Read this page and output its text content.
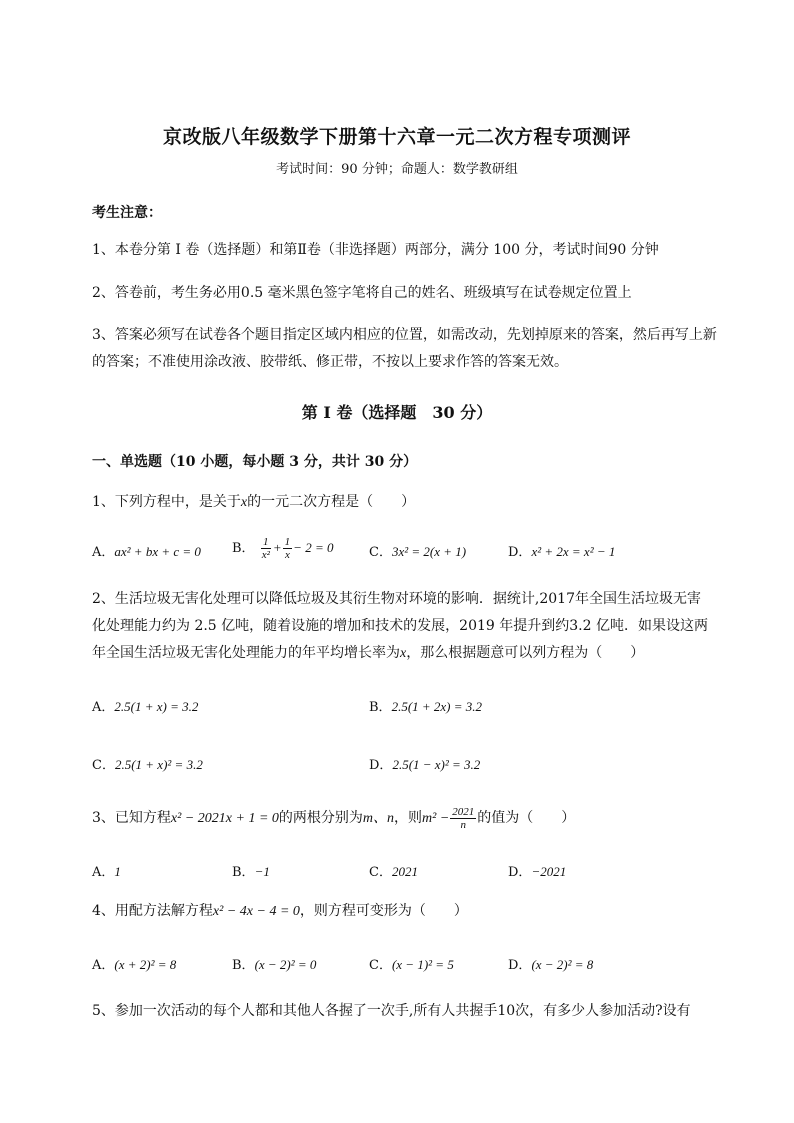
京改版八年级数学下册第十六章一元二次方程专项测评
考试时间：90 分钟；命题人：数学教研组
考生注意：
1、本卷分第 I 卷（选择题）和第Ⅱ卷（非选择题）两部分，满分 100 分，考试时间90 分钟
2、答卷前，考生务必用0.5 毫米黑色签字笔将自己的姓名、班级填写在试卷规定位置上
3、答案必须写在试卷各个题目指定区域内相应的位置，如需改动，先划掉原来的答案，然后再写上新
的答案；不准使用涂改液、胶带纸、修正带，不按以上要求作答的答案无效。
第 I 卷（选择题　30 分）
一、单选题（10 小题，每小题 3 分，共计 30 分）
1、下列方程中，是关于x的一元二次方程是（　　）
A．ax² + bx + c = 0 B． $\frac{1}{\text{x²}} + \frac{1}{x} - 2 = 0$	C．3x² = 2(x + 1)	D．x² + 2x = x² − 1
2、生活垃圾无害化处理可以降低垃圾及其衍生物对环境的影响．据统计,2017年全国生活垃圾无害
化处理能力约为 2.5 亿吨，随着设施的增加和技术的发展，2019 年提升到约3.2 亿吨．如果设这两
年全国生活垃圾无害化处理能力的年平均增长率为x，那么根据题意可以列方程为（　　）
A．2.5(1 + x) = 3.2	B．2.5(1 + 2x) = 3.2
C．2.5(1 + x)² = 3.2	D．2.5(1 − x)² = 3.2
3、已知方程x² − 2021x + 1 = 0的两根分别为m、n，则$m^2 - \frac{2021}{n}$ 的值为（　　）
A．1	B．−1	C．2021	D．−2021
4、用配方法解方程x² − 4x − 4 = 0，则方程可变形为（　　）
A．(x + 2)² = 8	B．(x − 2)² = 0	C．(x − 1)² = 5	D．(x − 2)² = 8
5、参加一次活动的每个人都和其他人各握了一次手,所有人共握手10次，有多少人参加活动?设有
